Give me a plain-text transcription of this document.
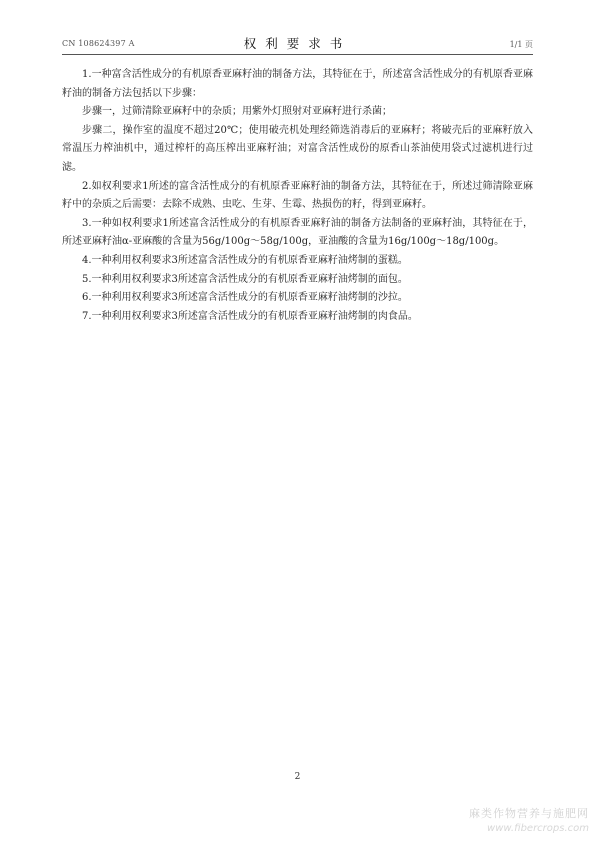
CN 108624397 A	权利要求书	1/1 页

1.一种富含活性成分的有机原香亚麻籽油的制备方法，其特征在于，所述富含活性成分的有机原香亚麻籽油的制备方法包括以下步骤：

步骤一，过筛清除亚麻籽中的杂质；用紫外灯照射对亚麻籽进行杀菌；

步骤二，操作室的温度不超过20℃；使用破壳机处理经筛选消毒后的亚麻籽；将破壳后的亚麻籽放入常温压力榨油机中，通过榨杆的高压榨出亚麻籽油；对富含活性成份的原香山茶油使用袋式过滤机进行过滤。

2.如权利要求1所述的富含活性成分的有机原香亚麻籽油的制备方法，其特征在于，所述过筛清除亚麻籽中的杂质之后需要：去除不成熟、虫吃、生芽、生霉、热损伤的籽，得到亚麻籽。

3.一种如权利要求1所述富含活性成分的有机原香亚麻籽油的制备方法制备的亚麻籽油，其特征在于，所述亚麻籽油α-亚麻酸的含量为56g/100g～58g/100g，亚油酸的含量为16g/100g～18g/100g。

4.一种利用权利要求3所述富含活性成分的有机原香亚麻籽油烤制的蛋糕。

5.一种利用权利要求3所述富含活性成分的有机原香亚麻籽油烤制的面包。

6.一种利用权利要求3所述富含活性成分的有机原香亚麻籽油烤制的沙拉。

7.一种利用权利要求3所述富含活性成分的有机原香亚麻籽油烤制的肉食品。

2
麻类作物营养与施肥网
www.fibercrops.com
